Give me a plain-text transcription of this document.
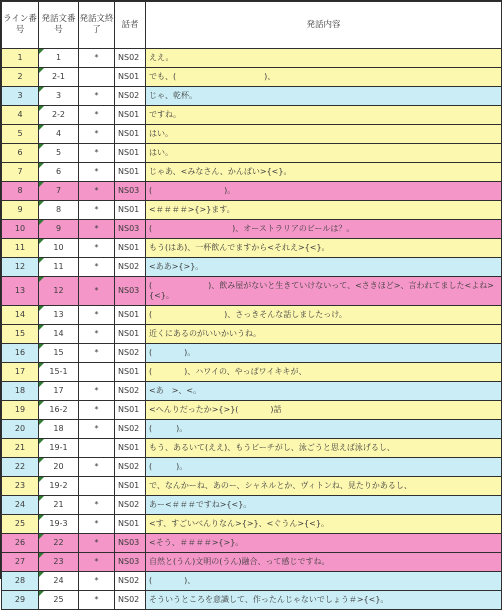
ライン番号	発話文番号	発話文終了	話者	発話内容
1	1	*	NS02	ええ。
2	2-1		NS01	でも、(　　　　　　　　　　　)、
3	3	*	NS02	じゃ、乾杯。
4	2-2	*	NS01	ですね。
5	4	*	NS01	はい。
6	5	*	NS01	はい。
7	6	*	NS01	じゃあ、<みなさん、かんぱい>{<}。
8	7	*	NS03	(　　　　　　　　　)。
9	8	*	NS01	<＃＃＃＃>{>}ます。
10	9	*	NS03	(　　　　　　　　　　)、オーストラリアのビールは？。
11	10	*	NS01	もう(はあ)、一杯飲んでますから<それえ>{<}。
12	11	*	NS02	<ああ>{>}。
13	12	*	NS03	(　　　　　　　)、飲み屋がないと生きていけないって、<さきほど>、言われてました<よね>{<}。
14	13	*	NS01	(　　　　　　　　　)、さっきそんな話しましたっけ。
15	14	*	NS01	近くにあるのがいいかいうね。
16	15	*	NS02	(　　　　)。
17	15-1		NS01	(　　　　)、ハワイの、やっぱワイキキが、
18	17	*	NS02	<あ　>、<。
19	16-2	*	NS01	<へんりだったか>{>}(　　　　)話
20	18	*	NS02	(　　　)。
21	19-1		NS01	もう、あるいて(ええ)、もうビーチがし、泳ごうと思えば泳げるし、
22	20	*	NS02	(　　　)。
23	19-2		NS01	で、なんかーね、あのー、シャネルとか、ヴィトンね、見たりかあるし、
24	21	*	NS02	あー<＃＃＃ですね>{<}。
25	19-3	*	NS01	<す、すごいべんりなん>{>}、<ぐうん>{<}。
26	22	*	NS03	<そう、＃＃＃＃>{>}。
27	23	*	NS03	自然と(うん)文明の(うん)融合、って感じですね。
28	24	*	NS02	(　　　　)、
29	25	*	NS02	そういうところを意識して、作ったんじゃないでしょう＃>{<}。
